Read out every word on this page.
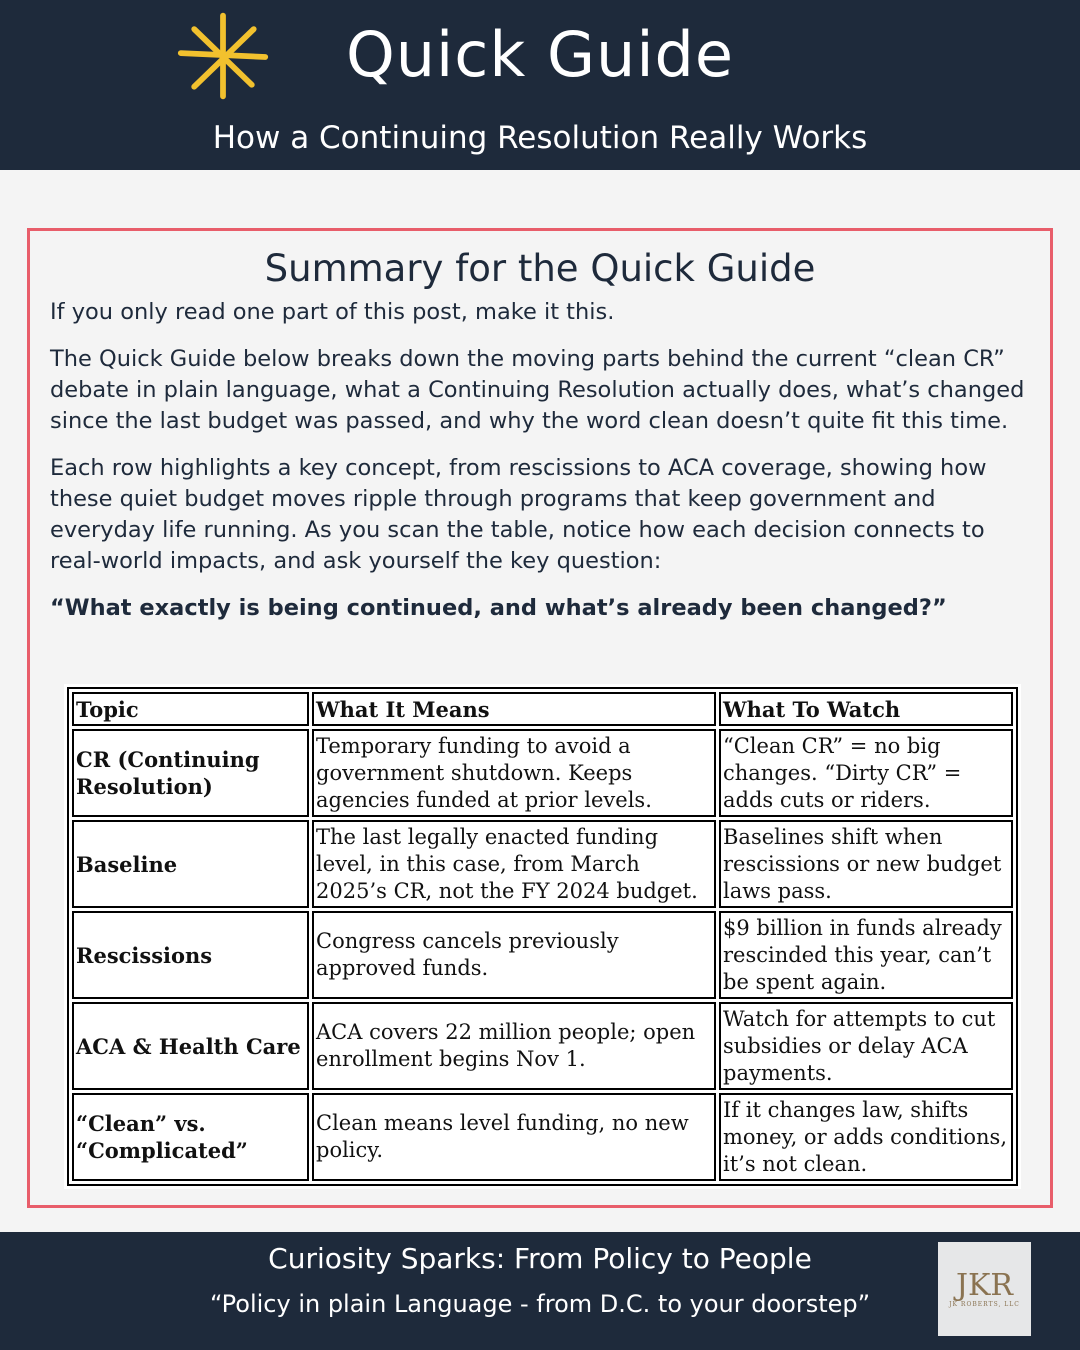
Quick Guide
How a Continuing Resolution Really Works
Summary for the Quick Guide

If you only read one part of this post, make it this.

The Quick Guide below breaks down the moving parts behind the current “clean CR” debate in plain language, what a Continuing Resolution actually does, what’s changed since the last budget was passed, and why the word clean doesn’t quite fit this time.

Each row highlights a key concept, from rescissions to ACA coverage, showing how these quiet budget moves ripple through programs that keep government and everyday life running. As you scan the table, notice how each decision connects to real-world impacts, and ask yourself the key question:

“What exactly is being continued, and what’s already been changed?”

Topic	What It Means	What To Watch
CR (Continuing Resolution)	Temporary funding to avoid a government shutdown. Keeps agencies funded at prior levels.	“Clean CR” = no big changes. “Dirty CR” = adds cuts or riders.
Baseline	The last legally enacted funding level, in this case, from March 2025’s CR, not the FY 2024 budget.	Baselines shift when rescissions or new budget laws pass.
Rescissions	Congress cancels previously approved funds.	$9 billion in funds already rescinded this year, can’t be spent again.
ACA & Health Care	ACA covers 22 million people; open enrollment begins Nov 1.	Watch for attempts to cut subsidies or delay ACA payments.
“Clean” vs. “Complicated”	Clean means level funding, no new policy.	If it changes law, shifts money, or adds conditions, it’s not clean.
Curiosity Sparks: From Policy to People
“Policy in plain Language - from D.C. to your doorstep”
JKR
JK ROBERTS, LLC
